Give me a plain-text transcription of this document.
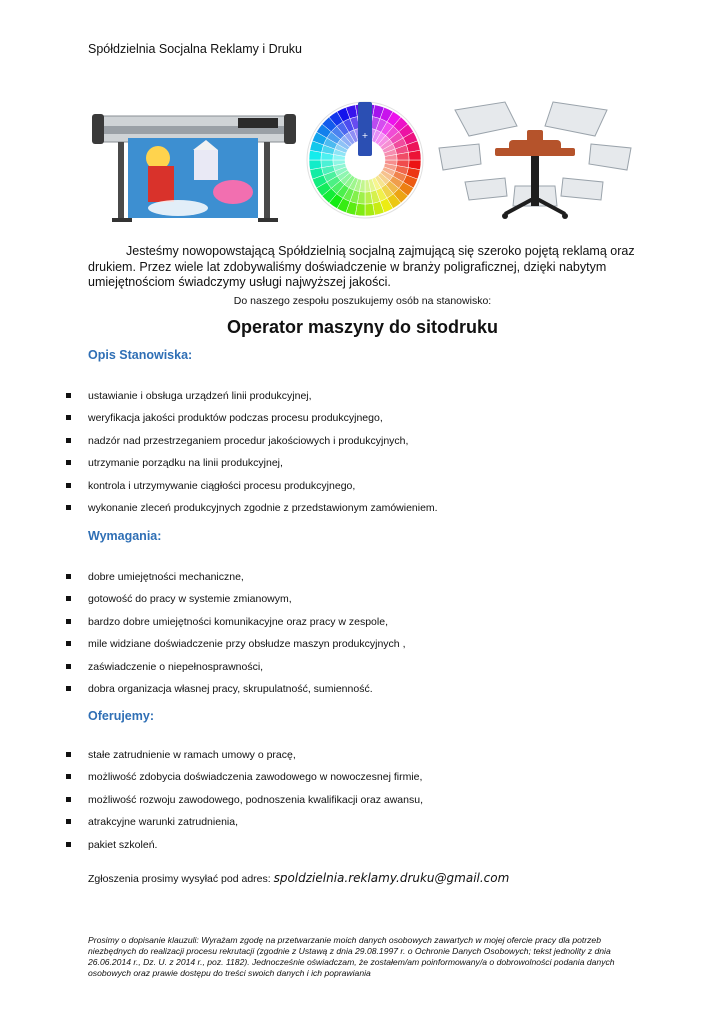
Spółdzielnia Socjalna Reklamy i Druku
+
Jesteśmy nowopowstającą Spółdzielnią socjalną zajmującą się szeroko pojętą reklamą oraz drukiem. Przez wiele lat zdobywaliśmy doświadczenie w branży poligraficznej, dzięki nabytym umiejętnościom świadczymy usługi najwyższej jakości.
Do naszego zespołu poszukujemy osób na stanowisko:
Operator maszyny do sitodruku
Opis Stanowiska:
ustawianie i obsługa urządzeń linii produkcyjnej,
weryfikacja jakości produktów podczas procesu produkcyjnego,
nadzór nad przestrzeganiem procedur jakościowych i produkcyjnych,
utrzymanie porządku na linii produkcyjnej,
kontrola i utrzymywanie ciągłości procesu produkcyjnego,
wykonanie zleceń produkcyjnych zgodnie z przedstawionym zamówieniem.
Wymagania:
dobre umiejętności mechaniczne,
gotowość do pracy w systemie zmianowym,
bardzo dobre umiejętności komunikacyjne oraz pracy w zespole,
mile widziane doświadczenie przy obsłudze maszyn produkcyjnych ,
zaświadczenie o niepełnosprawności,
dobra organizacja własnej pracy, skrupulatność, sumienność.
Oferujemy:
stałe zatrudnienie w ramach umowy o pracę,
możliwość zdobycia doświadczenia zawodowego w nowoczesnej firmie,
możliwość rozwoju zawodowego, podnoszenia kwalifikacji oraz awansu,
atrakcyjne warunki zatrudnienia,
pakiet szkoleń.
Zgłoszenia prosimy wysyłać pod adres: spoldzielnia.reklamy.druku@gmail.com
Prosimy o dopisanie klauzuli: Wyrażam zgodę na przetwarzanie moich danych osobowych zawartych w mojej ofercie pracy dla potrzeb niezbędnych do realizacji procesu rekrutacji (zgodnie z Ustawą z dnia 29.08.1997 r. o Ochronie Danych Osobowych; tekst jednolity z dnia 26.06.2014 r., Dz. U. z 2014 r., poz. 1182). Jednocześnie oświadczam, że zostałem/am poinformowany/a o dobrowolności podania danych osobowych oraz prawie dostępu do treści swoich danych i ich poprawiania
